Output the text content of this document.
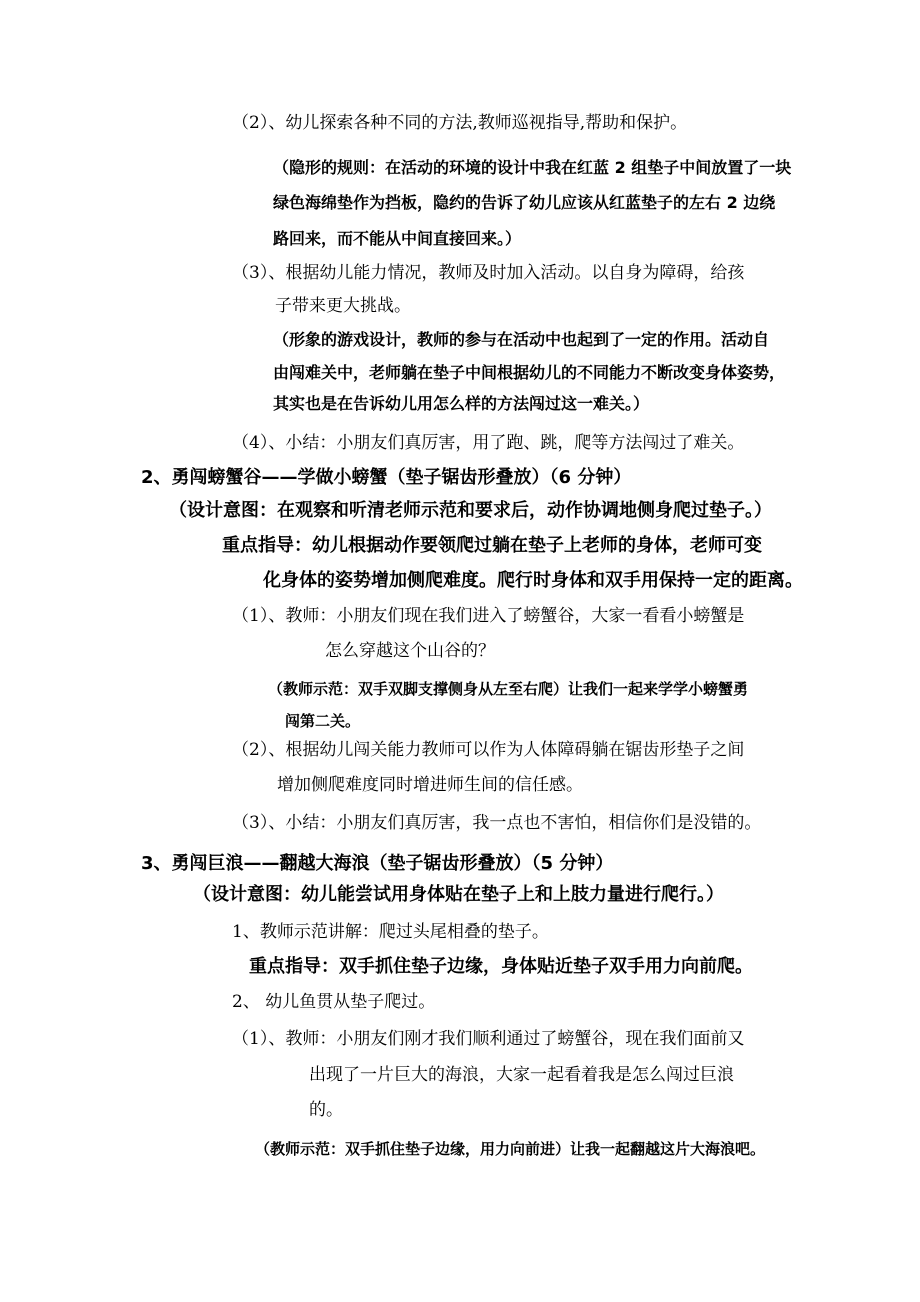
（2）、幼儿探索各种不同的方法,教师巡视指导,帮助和保护。
（隐形的规则：在活动的环境的设计中我在红蓝 2 组垫子中间放置了一块
绿色海绵垫作为挡板，隐约的告诉了幼儿应该从红蓝垫子的左右 2 边绕
路回来，而不能从中间直接回来。）
（3）、根据幼儿能力情况，教师及时加入活动。以自身为障碍，给孩
子带来更大挑战。
（形象的游戏设计，教师的参与在活动中也起到了一定的作用。活动自
由闯难关中，老师躺在垫子中间根据幼儿的不同能力不断改变身体姿势，
其实也是在告诉幼儿用怎么样的方法闯过这一难关。）
（4）、小结：小朋友们真厉害，用了跑、跳，爬等方法闯过了难关。
2、勇闯螃蟹谷——学做小螃蟹（垫子锯齿形叠放）（6 分钟）
（设计意图：在观察和听清老师示范和要求后，动作协调地侧身爬过垫子。）
重点指导：幼儿根据动作要领爬过躺在垫子上老师的身体，老师可变
化身体的姿势增加侧爬难度。爬行时身体和双手用保持一定的距离。
（1）、教师：小朋友们现在我们进入了螃蟹谷，大家一看看小螃蟹是
怎么穿越这个山谷的？
（教师示范：双手双脚支撑侧身从左至右爬）让我们一起来学学小螃蟹勇
闯第二关。
（2）、根据幼儿闯关能力教师可以作为人体障碍躺在锯齿形垫子之间
增加侧爬难度同时增进师生间的信任感。
（3）、小结：小朋友们真厉害，我一点也不害怕，相信你们是没错的。
3、勇闯巨浪——翻越大海浪（垫子锯齿形叠放）（5 分钟）
（设计意图：幼儿能尝试用身体贴在垫子上和上肢力量进行爬行。）
1、教师示范讲解：爬过头尾相叠的垫子。
重点指导：双手抓住垫子边缘，身体贴近垫子双手用力向前爬。
2、 幼儿鱼贯从垫子爬过。
（1）、教师：小朋友们刚才我们顺利通过了螃蟹谷，现在我们面前又
出现了一片巨大的海浪，大家一起看着我是怎么闯过巨浪
的。
（教师示范：双手抓住垫子边缘，用力向前进）让我一起翻越这片大海浪吧。
